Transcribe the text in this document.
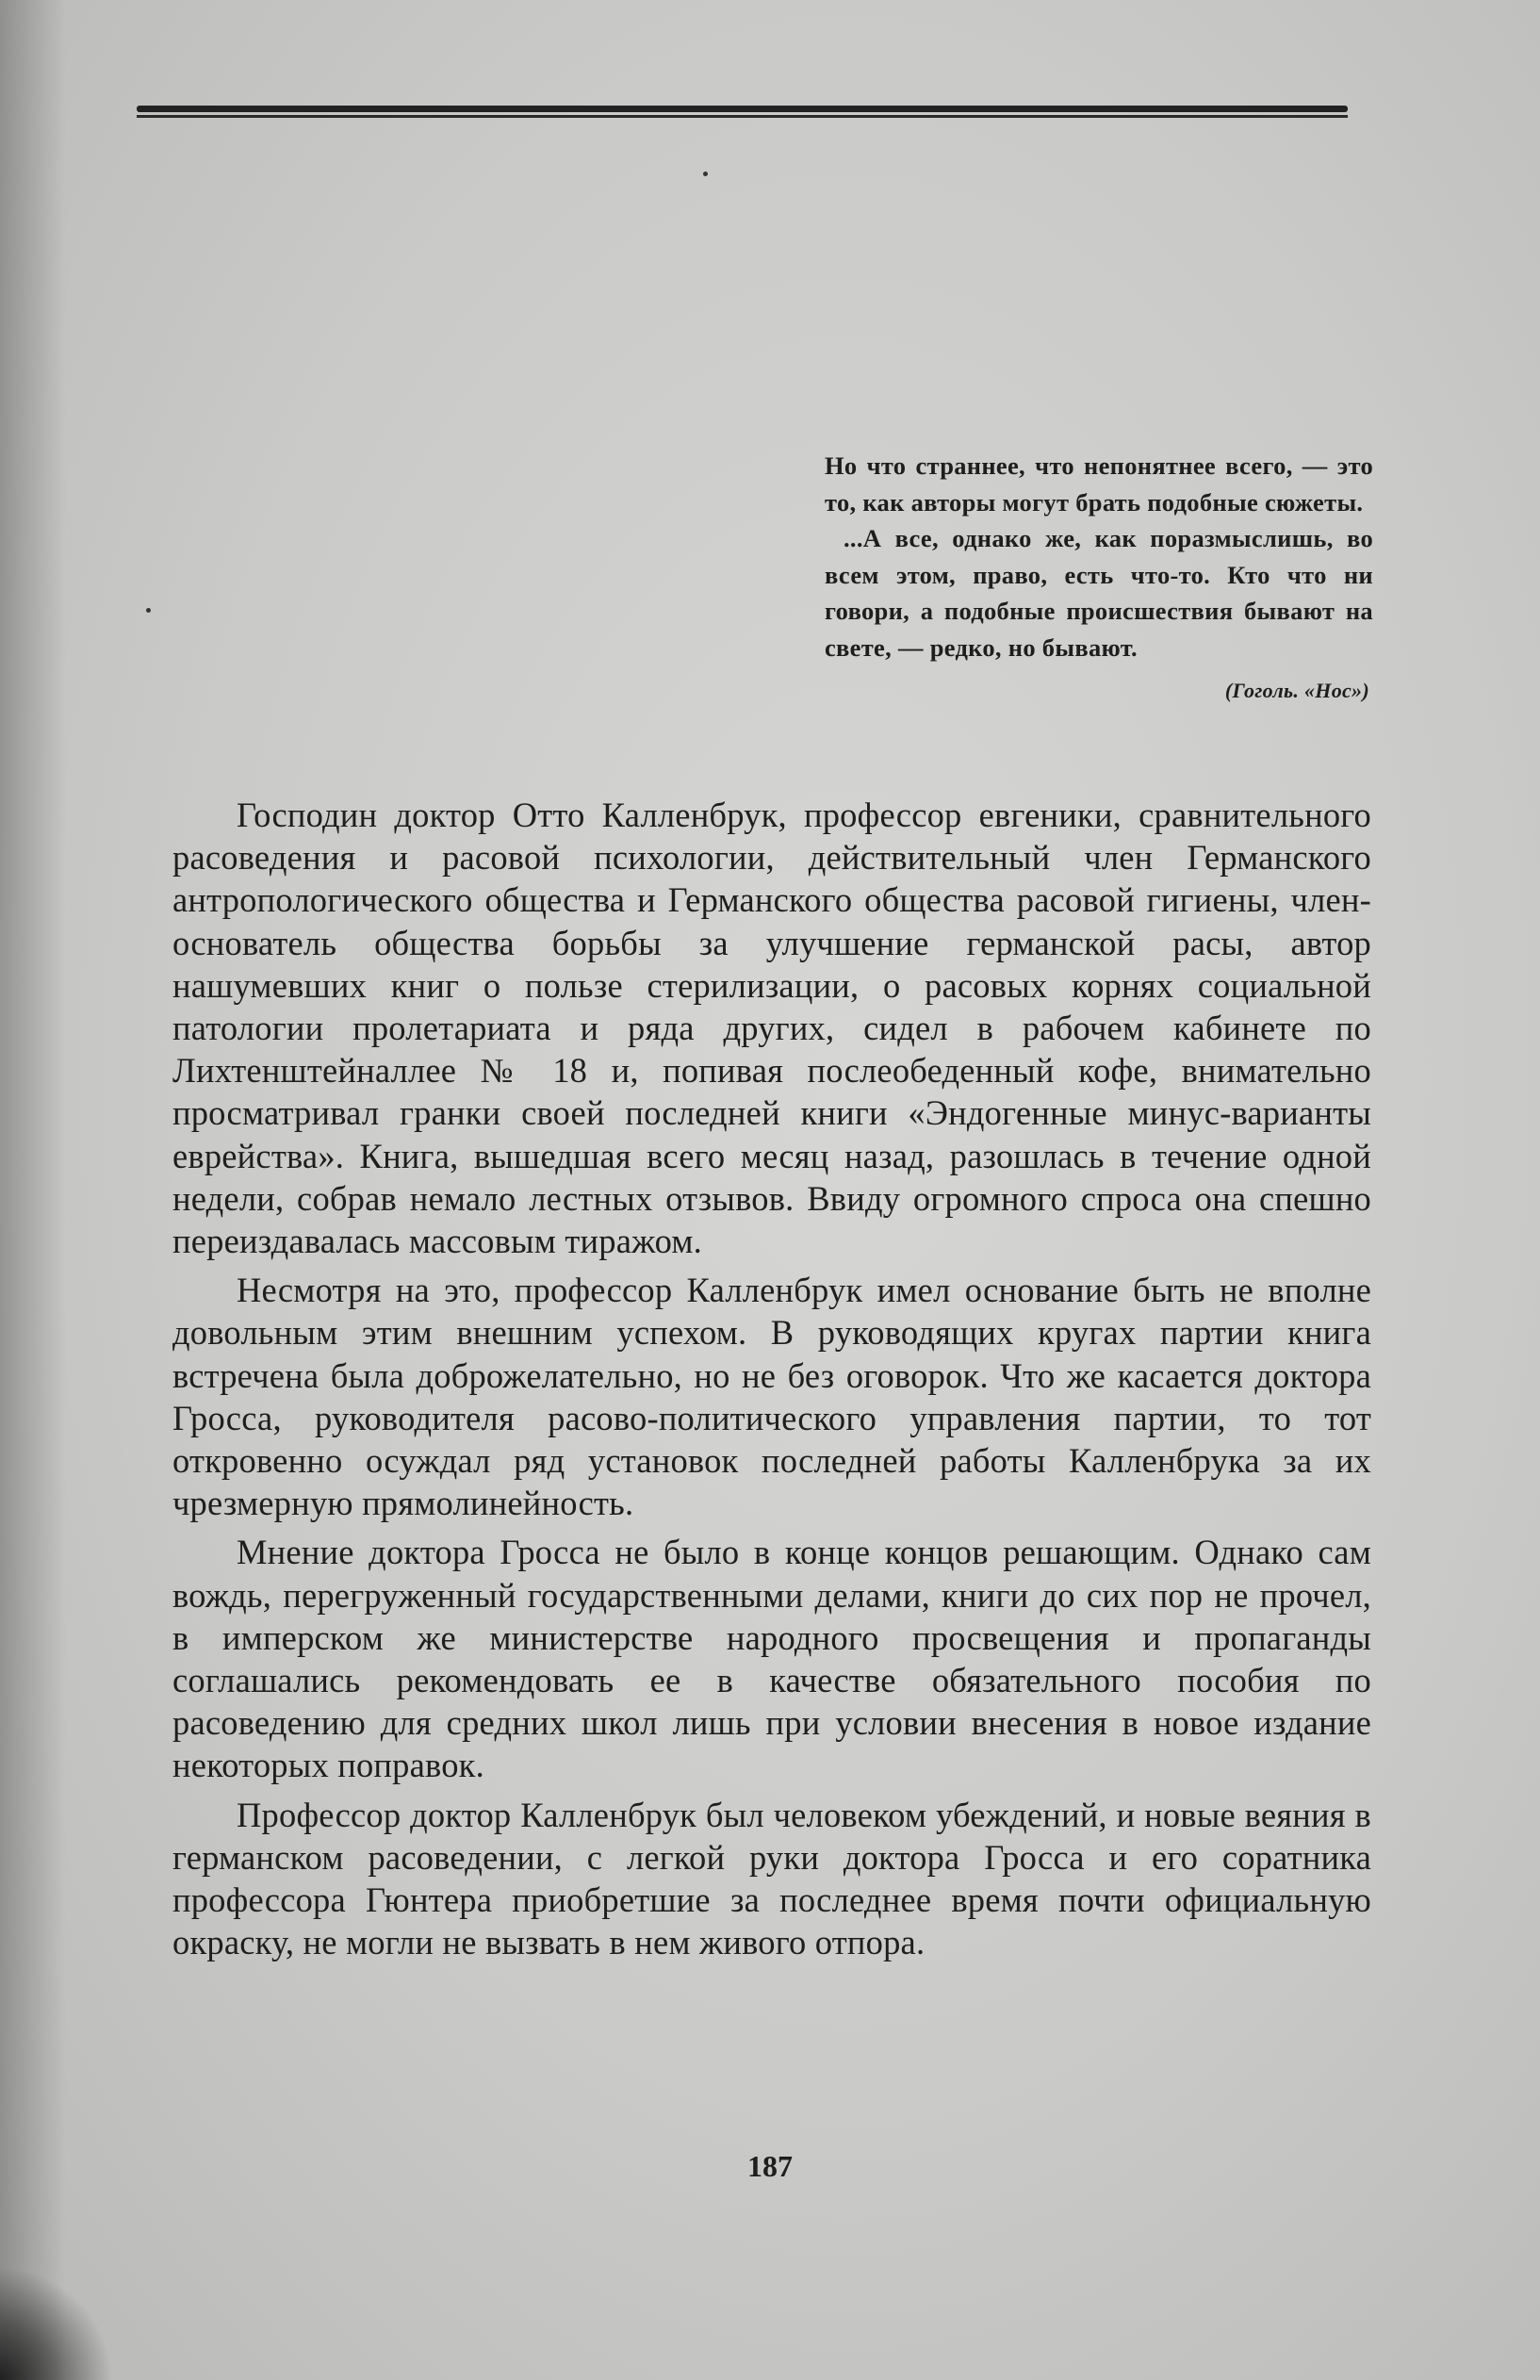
Но что страннее, что непонятнее всего, — это то, как авторы могут брать подобные сюжеты.

...А все, однако же, как поразмыслишь, во всем этом, право, есть что-то. Кто что ни говори, а подобные происшествия бывают на свете, — редко, но бывают.

(Гоголь. «Нос»)

Господин доктор Отто Калленбрук, профессор евгеники, сравнительного расоведения и расовой психологии, действительный член Германского антропологического общества и Германского общества расовой гигиены, член-основатель общества борьбы за улучшение германской расы, автор нашумевших книг о пользе стерилизации, о расовых корнях социальной патологии пролетариата и ряда других, сидел в рабочем кабинете по Лихтенштейналлее № 18 и, попивая послеобеденный кофе, внимательно просматривал гранки своей последней книги «Эндогенные минус-варианты еврейства». Книга, вышедшая всего месяц назад, разошлась в течение одной недели, собрав немало лестных отзывов. Ввиду огромного спроса она спешно переиздавалась массовым тиражом.

Несмотря на это, профессор Калленбрук имел основание быть не вполне довольным этим внешним успехом. В руководящих кругах партии книга встречена была доброжелательно, но не без оговорок. Что же касается доктора Гросса, руководителя расово-политического управления партии, то тот откровенно осуждал ряд установок последней работы Калленбрука за их чрезмерную прямолинейность.

Мнение доктора Гросса не было в конце концов решающим. Однако сам вождь, перегруженный государственными делами, книги до сих пор не прочел, в имперском же министерстве народного просвещения и пропаганды соглашались рекомендовать ее в качестве обязательного пособия по расоведению для средних школ лишь при условии внесения в новое издание некоторых поправок.

Профессор доктор Калленбрук был человеком убеждений, и новые веяния в германском расоведении, с легкой руки доктора Гросса и его соратника профессора Гюнтера приобретшие за последнее время почти официальную окраску, не могли не вызвать в нем живого отпора.

187
